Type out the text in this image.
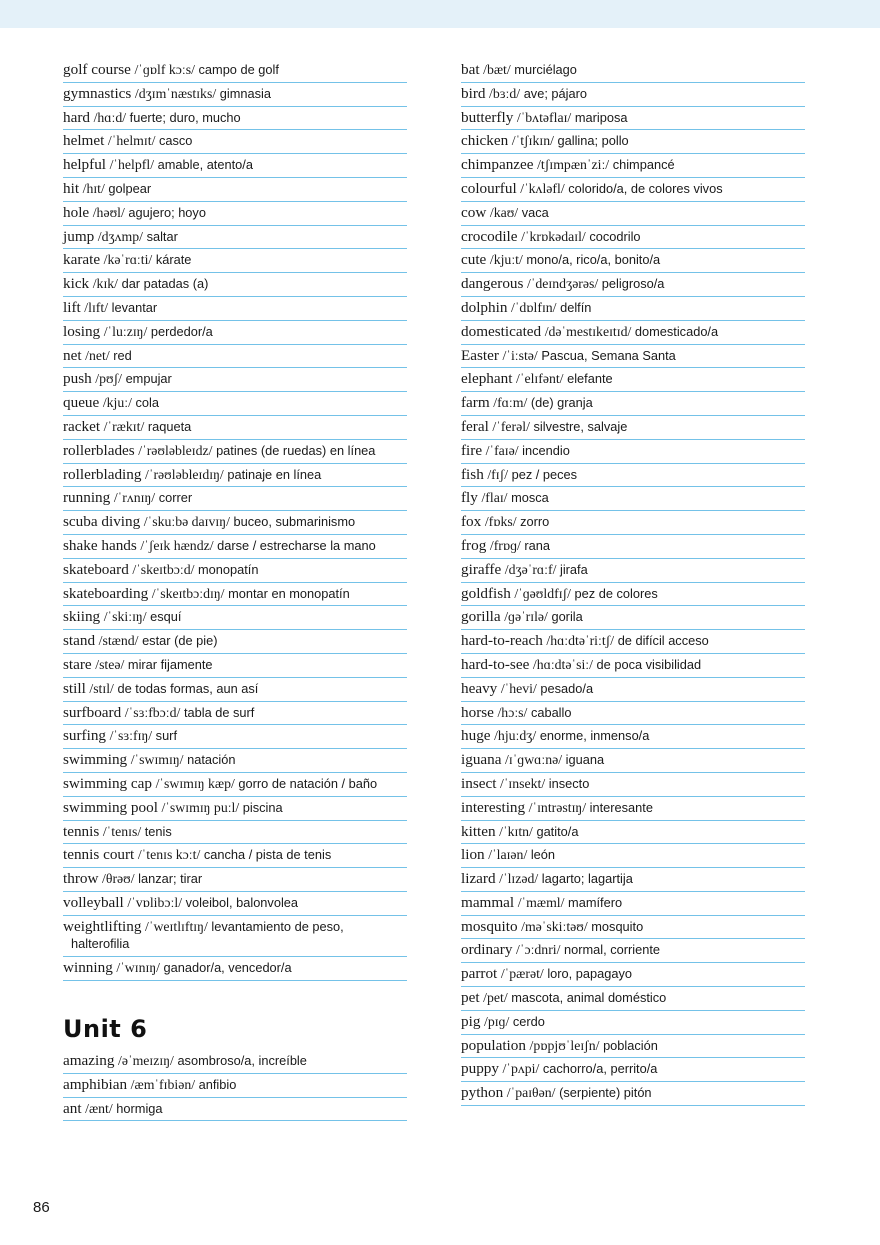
golf course /ˈɡɒlf kɔːs/ campo de golf
gymnastics /dʒɪmˈnæstɪks/ gimnasia
hard /hɑːd/ fuerte; duro, mucho
helmet /ˈhelmɪt/ casco
helpful /ˈhelpfl/ amable, atento/a
hit /hɪt/ golpear
hole /həʊl/ agujero; hoyo
jump /dʒʌmp/ saltar
karate /kəˈrɑːti/ kárate
kick /kɪk/ dar patadas (a)
lift /lɪft/ levantar
losing /ˈluːzɪŋ/ perdedor/a
net /net/ red
push /pʊʃ/ empujar
queue /kjuː/ cola
racket /ˈrækɪt/ raqueta
rollerblades /ˈrəʊləbleɪdz/ patines (de ruedas) en línea
rollerblading /ˈrəʊləbleɪdɪŋ/ patinaje en línea
running /ˈrʌnɪŋ/ correr
scuba diving /ˈskuːbə daɪvɪŋ/ buceo, submarinismo
shake hands /ˈʃeɪk hændz/ darse / estrecharse la mano
skateboard /ˈskeɪtbɔːd/ monopatín
skateboarding /ˈskeɪtbɔːdɪŋ/ montar en monopatín
skiing /ˈskiːɪŋ/ esquí
stand /stænd/ estar (de pie)
stare /steə/ mirar fijamente
still /stɪl/ de todas formas, aun así
surfboard /ˈsɜːfbɔːd/ tabla de surf
surfing /ˈsɜːfɪŋ/ surf
swimming /ˈswɪmɪŋ/ natación
swimming cap /ˈswɪmɪŋ kæp/ gorro de natación / baño
swimming pool /ˈswɪmɪŋ puːl/ piscina
tennis /ˈtenɪs/ tenis
tennis court /ˈtenɪs kɔːt/ cancha / pista de tenis
throw /θrəʊ/ lanzar; tirar
volleyball /ˈvɒlibɔːl/ voleibol, balonvolea
weightlifting /ˈweɪtlɪftɪŋ/ levantamiento de peso,
halterofilia
winning /ˈwɪnɪŋ/ ganador/a, vencedor/a
Unit 6
amazing /əˈmeɪzɪŋ/ asombroso/a, increíble
amphibian /æmˈfɪbiən/ anfibio
ant /ænt/ hormiga
bat /bæt/ murciélago
bird /bɜːd/ ave; pájaro
butterfly /ˈbʌtəflaɪ/ mariposa
chicken /ˈtʃɪkɪn/ gallina; pollo
chimpanzee /tʃɪmpænˈziː/ chimpancé
colourful /ˈkʌləfl/ colorido/a, de colores vivos
cow /kaʊ/ vaca
crocodile /ˈkrɒkədaɪl/ cocodrilo
cute /kjuːt/ mono/a, rico/a, bonito/a
dangerous /ˈdeɪndʒərəs/ peligroso/a
dolphin /ˈdɒlfɪn/ delfín
domesticated /dəˈmestɪkeɪtɪd/ domesticado/a
Easter /ˈiːstə/ Pascua, Semana Santa
elephant /ˈelɪfənt/ elefante
farm /fɑːm/ (de) granja
feral /ˈferəl/ silvestre, salvaje
fire /ˈfaɪə/ incendio
fish /fɪʃ/ pez / peces
fly /flaɪ/ mosca
fox /fɒks/ zorro
frog /frɒɡ/ rana
giraffe /dʒəˈrɑːf/ jirafa
goldfish /ˈɡəʊldfɪʃ/ pez de colores
gorilla /ɡəˈrɪlə/ gorila
hard-to-reach /hɑːdtəˈriːtʃ/ de difícil acceso
hard-to-see /hɑːdtəˈsiː/ de poca visibilidad
heavy /ˈhevi/ pesado/a
horse /hɔːs/ caballo
huge /hjuːdʒ/ enorme, inmenso/a
iguana /ɪˈɡwɑːnə/ iguana
insect /ˈɪnsekt/ insecto
interesting /ˈɪntrəstɪŋ/ interesante
kitten /ˈkɪtn/ gatito/a
lion /ˈlaɪən/ león
lizard /ˈlɪzəd/ lagarto; lagartija
mammal /ˈmæml/ mamífero
mosquito /məˈskiːtəʊ/ mosquito
ordinary /ˈɔːdnri/ normal, corriente
parrot /ˈpærət/ loro, papagayo
pet /pet/ mascota, animal doméstico
pig /pɪɡ/ cerdo
population /pɒpjʊˈleɪʃn/ población
puppy /ˈpʌpi/ cachorro/a, perrito/a
python /ˈpaɪθən/ (serpiente) pitón
86
